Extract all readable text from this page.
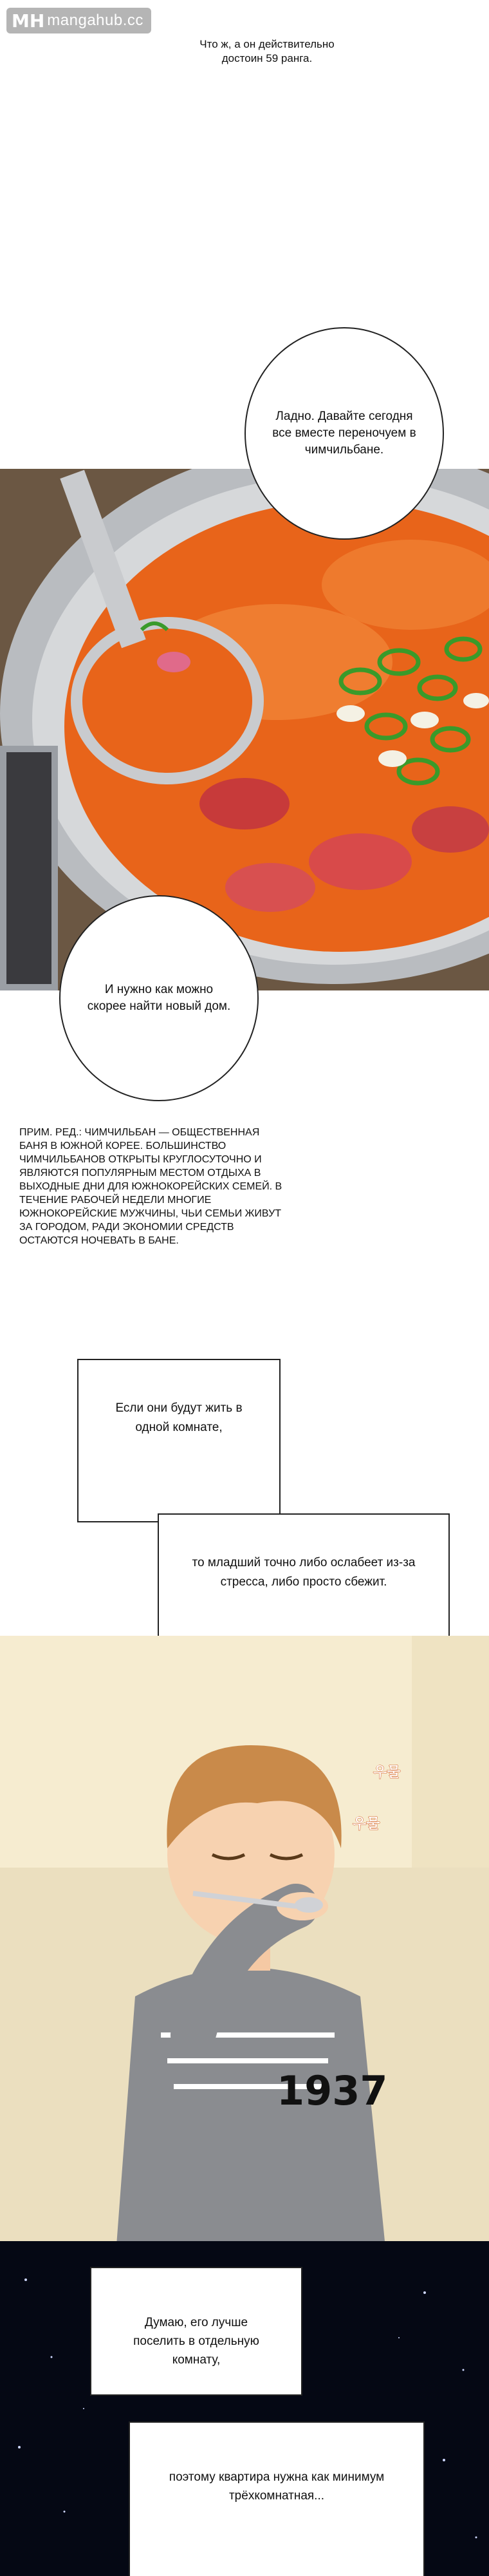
MH mangahub.cc
Что ж, а он действительно достоин 59 ранга.
Ладно. Давайте сегодня все вместе переночуем в чимчильбане.
И нужно как можно скорее найти новый дом.
ПРИМ. РЕД.: ЧИМЧИЛЬБАН — ОБЩЕСТВЕННАЯ БАНЯ В ЮЖНОЙ КОРЕЕ. БОЛЬШИНСТВО ЧИМЧИЛЬБАНОВ ОТКРЫТЫ КРУГЛОСУТОЧНО И ЯВЛЯЮТСЯ ПОПУЛЯРНЫМ МЕСТОМ ОТДЫХА В ВЫХОДНЫЕ ДНИ ДЛЯ ЮЖНОКОРЕЙСКИХ СЕМЕЙ. В ТЕЧЕНИЕ РАБОЧЕЙ НЕДЕЛИ МНОГИЕ ЮЖНОКОРЕЙСКИЕ МУЖЧИНЫ, ЧЬИ СЕМЬИ ЖИВУТ ЗА ГОРОДОМ, РАДИ ЭКОНОМИИ СРЕДСТВ ОСТАЮТСЯ НОЧЕВАТЬ В БАНЕ.
Если они будут жить в одной комнате,
то младший точно либо ослабеет из-за стресса, либо просто сбежит.
우물
우물
1937
Думаю, его лучше поселить в отдельную комнату,
поэтому квартира нужна как минимум трёхкомнатная...
